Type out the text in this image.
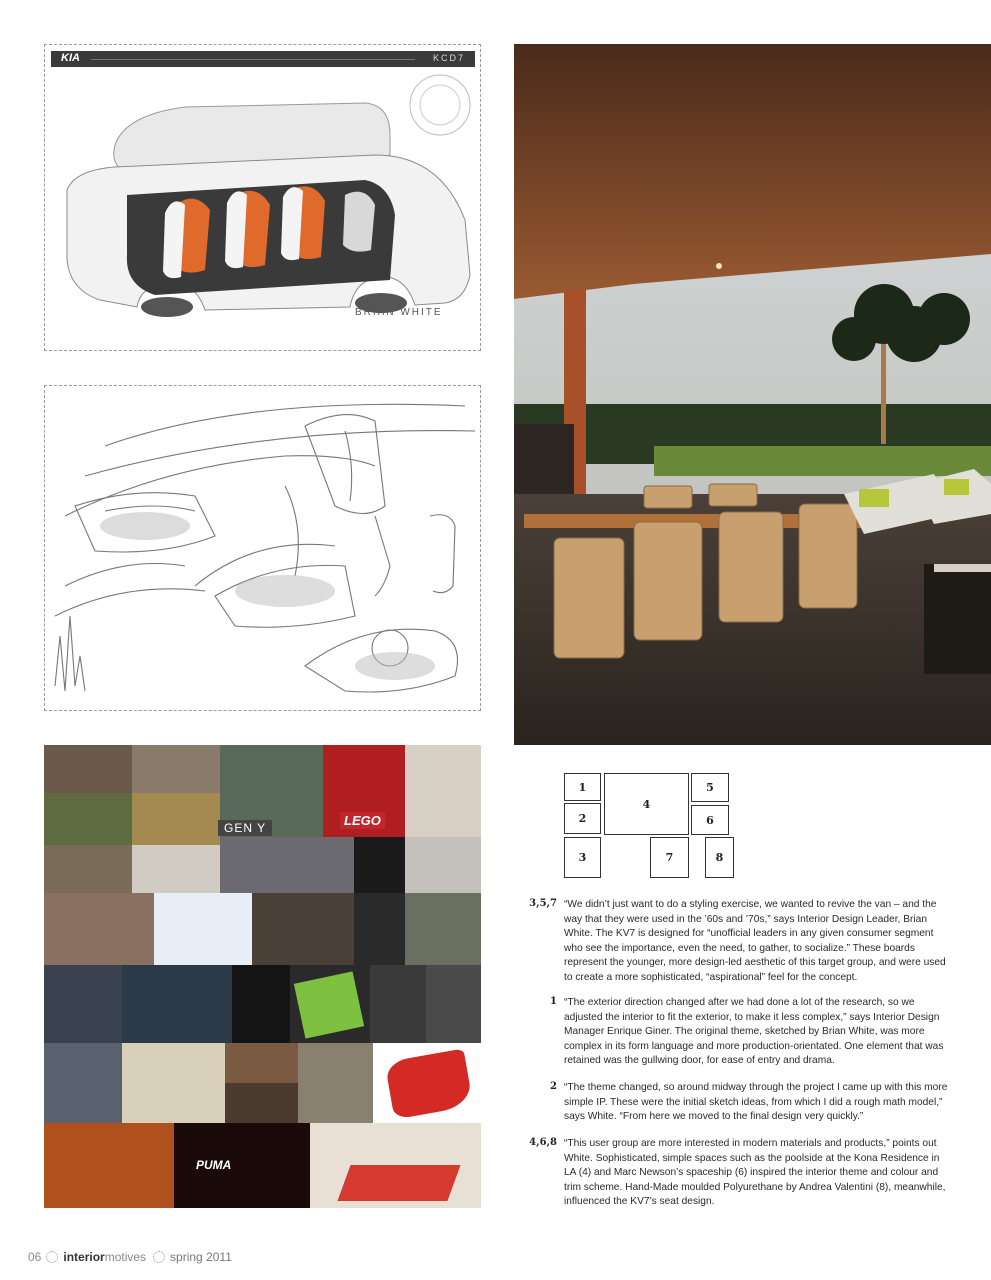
KIA	KCD7
BRIAN WHITE
GEN Y	LEGO
PUMA
1
2
3
4
5
6
7	8
3,5,7 “We didn’t just want to do a styling exercise, we wanted to revive the van – and the way that they were used in the ’60s and ’70s,” says Interior Design Leader, Brian White. The KV7 is designed for “unofficial leaders in any given consumer segment who see the importance, even the need, to gather, to socialize.” These boards represent the younger, more design-led aesthetic of this target group, and were used to create a more sophisticated, “aspirational” feel for the concept.
1 “The exterior direction changed after we had done a lot of the research, so we adjusted the interior to fit the exterior, to make it less complex,” says Interior Design Manager Enrique Giner. The original theme, sketched by Brian White, was more complex in its form language and more production-orientated. One element that was retained was the gullwing door, for ease of entry and drama.
2 “The theme changed, so around midway through the project I came up with this more simple IP. These were the initial sketch ideas, from which I did a rough math model,” says White. “From here we moved to the final design very quickly.”
4,6,8 “This user group are more interested in modern materials and products,” points out White. Sophisticated, simple spaces such as the poolside at the Kona Residence in LA (4) and Marc Newson’s spaceship (6) inspired the interior theme and colour and trim scheme. Hand-Made moulded Polyurethane by Andrea Valentini (8), meanwhile, influenced the KV7’s seat design.
06 interior motives spring 2011
